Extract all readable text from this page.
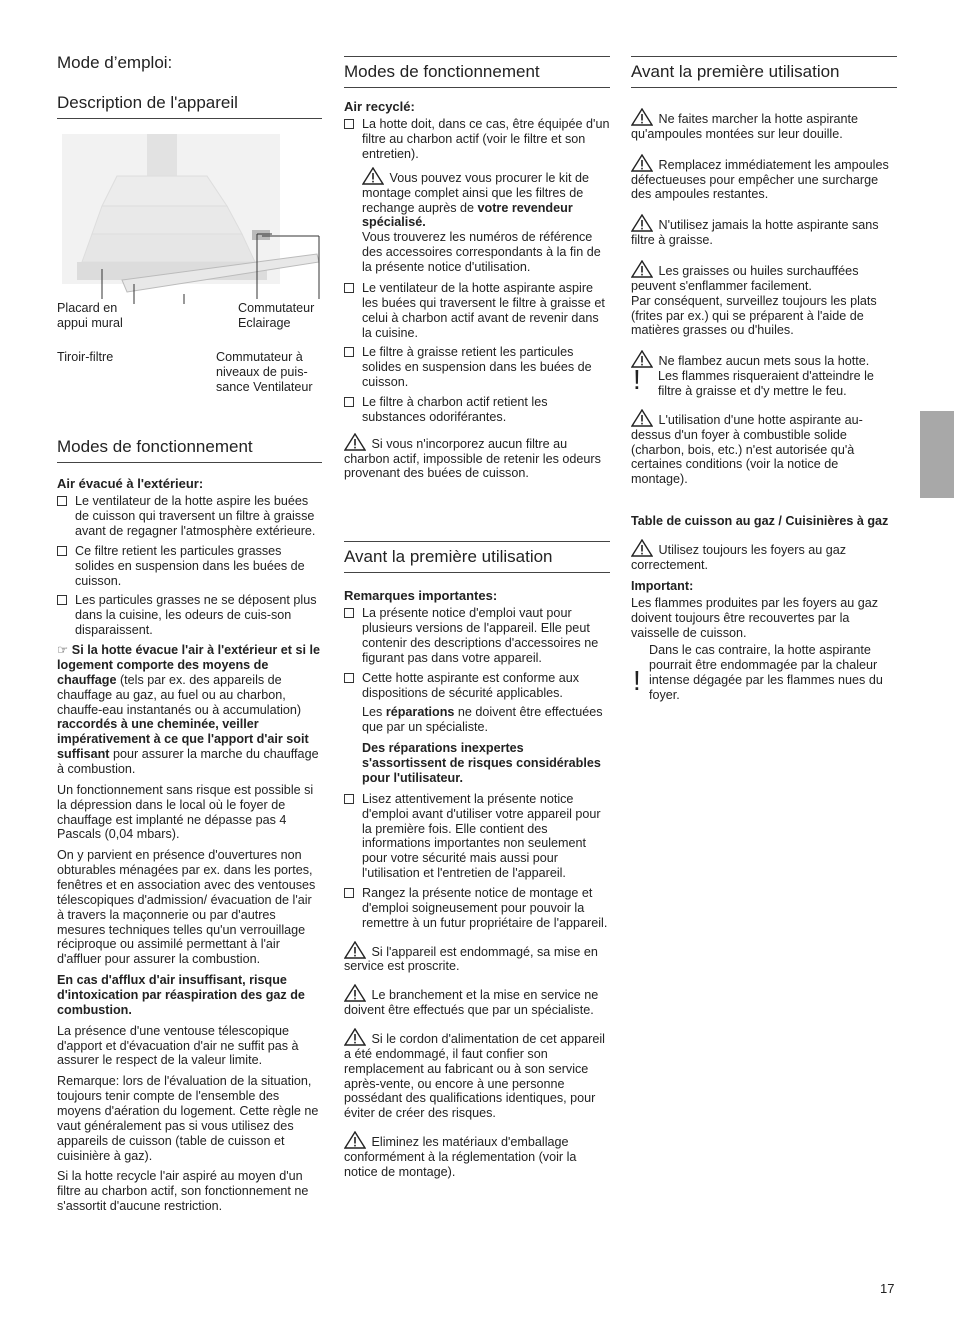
Mode d’emploi:
Description de l'appareil
Placard en appui mural
Commutateur Eclairage
Tiroir-filtre	Commutateur à niveaux de puis-sance Ventilateur
Modes de fonctionnement
Air évacué à l'extérieur:
Le ventilateur de la hotte aspire les buées de cuisson qui traversent un filtre à graisse avant de regagner l'atmosphère extérieure.
Ce filtre retient les particules grasses solides en suspension dans les buées de cuisson.
Les particules grasses ne se déposent plus dans la cuisine, les odeurs de cuis-son disparaissent.

☞ Si la hotte évacue l'air à l'extérieur et si le logement comporte des moyens de chauffage (tels par ex. des appareils de chauffage au gaz, au fuel ou au charbon, chauffe-eau instantanés ou à accumulation) raccordés à une cheminée, veiller impérativement à ce que l'apport d'air soit suffisant pour assurer la marche du chauffage à combustion.

Un fonctionnement sans risque est possible si la dépression dans le local où le foyer de chauffage est implanté ne dépasse pas 4 Pascals (0,04 mbars).

On y parvient en présence d'ouvertures non obturables ménagées par ex. dans les portes, fenêtres et en association avec des ventouses télescopiques d'admission/ évacuation de l'air à travers la maçonnerie ou par d'autres mesures techniques telles qu'un verrouillage réciproque ou assimilé permettant à l'air d'affluer pour assurer la combustion.

En cas d'afflux d'air insuffisant, risque d'intoxication par réaspiration des gaz de combustion.

La présence d'une ventouse télescopique d'apport et d'évacuation d'air ne suffit pas à assurer le respect de la valeur limite.

Remarque: lors de l'évaluation de la situation, toujours tenir compte de l'ensemble des moyens d'aération du logement. Cette règle ne vaut généralement pas si vous utilisez des appareils de cuisson (table de cuisson et cuisinière à gaz).

Si la hotte recycle l'air aspiré au moyen d'un filtre au charbon actif, son fonctionnement ne s'assortit d'aucune restriction.

Modes de fonctionnement
Air recyclé:
La hotte doit, dans ce cas, être équipée d'un filtre au charbon actif (voir le filtre et son entretien).
Vous pouvez vous procurer le kit de montage complet ainsi que les filtres de rechange auprès de votre revendeur spécialisé.
Vous trouverez les numéros de référence des accessoires correspondants à la fin de la présente notice d'utilisation.
Le ventilateur de la hotte aspirante aspire les buées qui traversent le filtre à graisse et celui à charbon actif avant de revenir dans la cuisine.
Le filtre à graisse retient les particules solides en suspension dans les buées de cuisson.
Le filtre à charbon actif retient les substances odoriférantes.
Si vous n'incorporez aucun filtre au charbon actif, impossible de retenir les odeurs provenant des buées de cuisson.
Avant la première utilisation
Remarques importantes:
La présente notice d'emploi vaut pour plusieurs versions de l'appareil. Elle peut contenir des descriptions d'accessoires ne figurant pas dans votre appareil.
Cette hotte aspirante est conforme aux dispositions de sécurité applicables.

Les réparations ne doivent être effectuées que par un spécialiste.

Des réparations inexpertes s'assortissent de risques considérables pour l'utilisateur.

Lisez attentivement la présente notice d'emploi avant d'utiliser votre appareil pour la première fois. Elle contient des informations importantes non seulement pour votre sécurité mais aussi pour l'utilisation et l'entretien de l'appareil.
Rangez la présente notice de montage et d'emploi soigneusement pour pouvoir la remettre à un futur propriétaire de l'appareil.

Si l'appareil est endommagé, sa mise en service est proscrite.

Le branchement et la mise en service ne doivent être effectués que par un spécialiste.

Si le cordon d'alimentation de cet appareil a été endommagé, il faut confier son remplacement au fabricant ou à son service après-vente, ou encore à une personne possédant des qualifications identiques, pour éviter de créer des risques.

Eliminez les matériaux d'emballage conformément à la réglementation (voir la notice de montage).

Avant la première utilisation

Ne faites marcher la hotte aspirante qu'ampoules montées sur leur douille.

Remplacez immédiatement les ampoules défectueuses pour empêcher une surcharge des ampoules restantes.

N'utilisez jamais la hotte aspirante sans filtre à graisse.

Les graisses ou huiles surchauffées peuvent s'enflammer facilement.
Par conséquent, surveillez toujours les plats (frites par ex.) qui se préparent à l'aide de matières grasses ou d'huiles.

!

Ne flambez aucun mets sous la hotte.

Les flammes risqueraient d'atteindre le filtre à graisse et d'y mettre le feu.

L'utilisation d'une hotte aspirante au-dessus d'un foyer à combustible solide (charbon, bois, etc.) n'est autorisée qu'à certaines conditions (voir la notice de montage).

Table de cuisson au gaz / Cuisinières à gaz

Utilisez toujours les foyers au gaz correctement.

Important:

Les flammes produites par les foyers au gaz doivent toujours être recouvertes par la vaisselle de cuisson.

!

Dans le cas contraire, la hotte aspirante pourrait être endommagée par la chaleur intense dégagée par les flammes nues du foyer.

17
